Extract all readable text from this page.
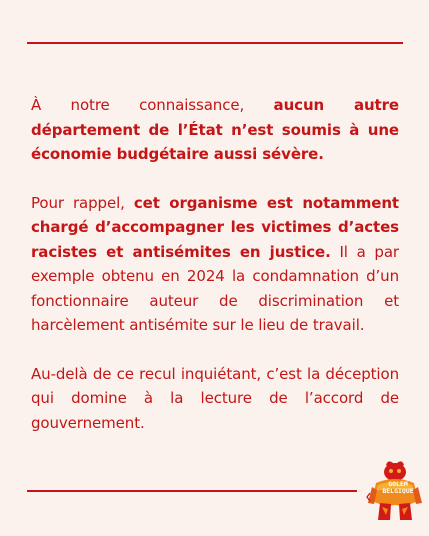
À notre connaissance, aucun autre département de l’État n’est soumis à une économie budgétaire aussi sévère.

Pour rappel, cet organisme est notamment chargé d’accompagner les victimes d’actes racistes et antisémites en justice. Il a par exemple obtenu en 2024 la condamnation d’un fonctionnaire auteur de discrimination et harcèlement antisémite sur le lieu de travail.

Au-delà de ce recul inquiétant, c’est la déception qui domine à la lecture de l’accord de gouvernement.

GOLEM
BELGIQUE
